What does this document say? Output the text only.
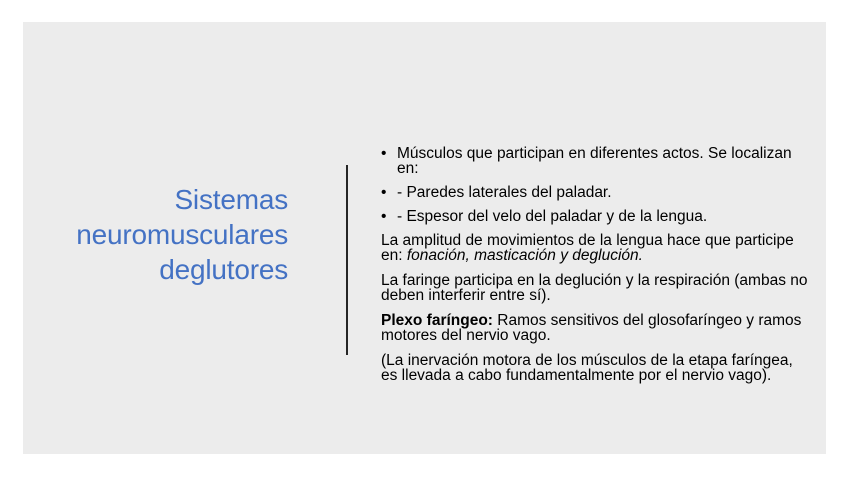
Sistemas
neuromusculares
deglutores
• Músculos que participan en diferentes actos. Se localizan en:
• - Paredes laterales del paladar.
• - Espesor del velo del paladar y de la lengua.
La amplitud de movimientos de la lengua hace que participe en: fonación, masticación y deglución.
La faringe participa en la deglución y la respiración (ambas no deben interferir entre sí).
Plexo faríngeo: Ramos sensitivos del glosofaríngeo y ramos motores del nervio vago.
(La inervación motora de los músculos de la etapa faríngea, es llevada a cabo fundamentalmente por el nervio vago).
